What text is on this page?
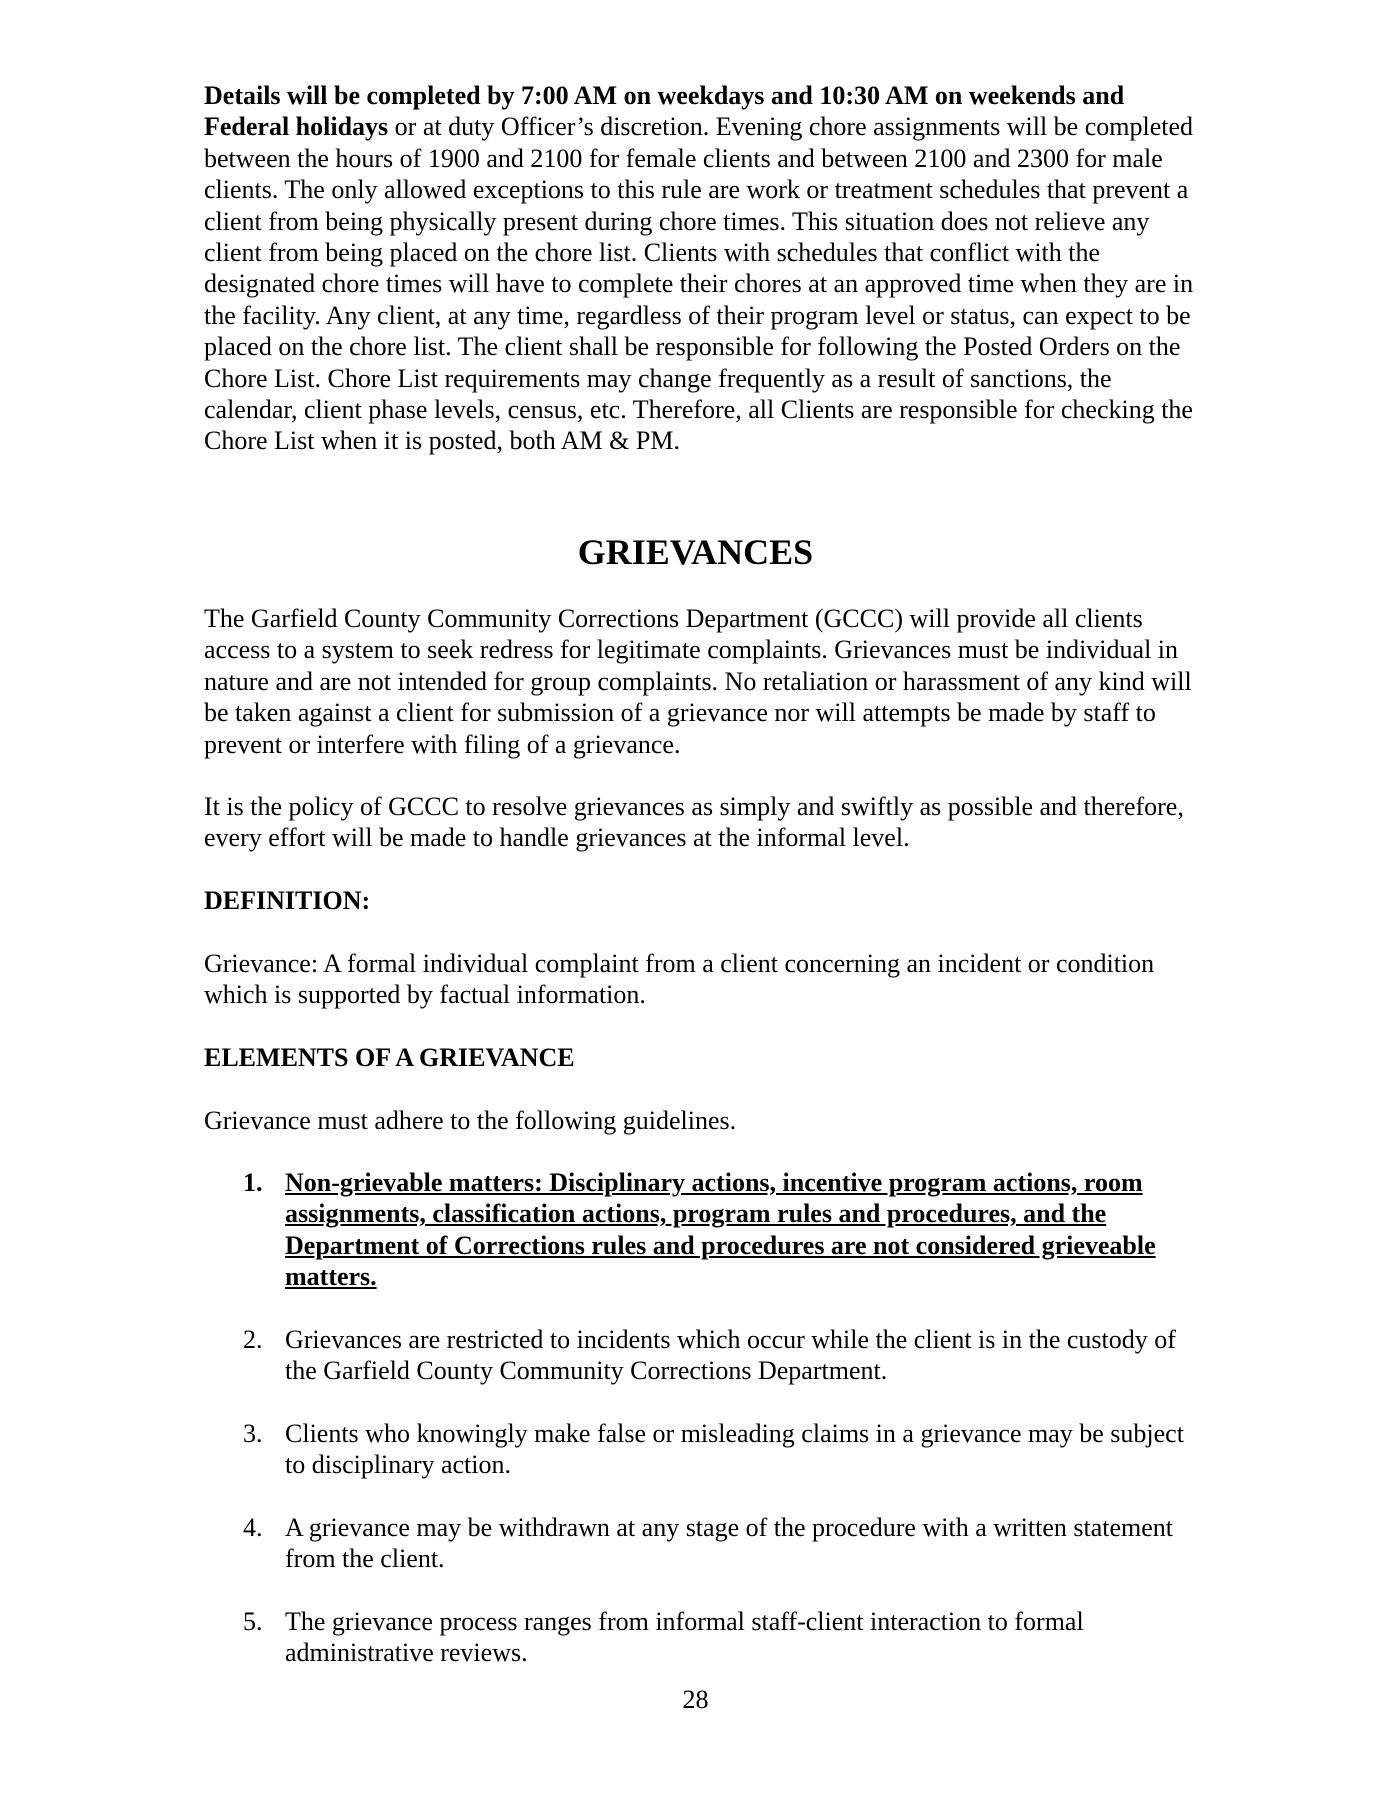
Details will be completed by 7:00 AM on weekdays and 10:30 AM on weekends and Federal holidays or at duty Officer’s discretion. Evening chore assignments will be completed between the hours of 1900 and 2100 for female clients and between 2100 and 2300 for male clients. The only allowed exceptions to this rule are work or treatment schedules that prevent a client from being physically present during chore times. This situation does not relieve any client from being placed on the chore list. Clients with schedules that conflict with the designated chore times will have to complete their chores at an approved time when they are in the facility. Any client, at any time, regardless of their program level or status, can expect to be placed on the chore list. The client shall be responsible for following the Posted Orders on the Chore List. Chore List requirements may change frequently as a result of sanctions, the calendar, client phase levels, census, etc. Therefore, all Clients are responsible for checking the Chore List when it is posted, both AM & PM.

GRIEVANCES

The Garfield County Community Corrections Department (GCCC) will provide all clients access to a system to seek redress for legitimate complaints. Grievances must be individual in nature and are not intended for group complaints. No retaliation or harassment of any kind will be taken against a client for submission of a grievance nor will attempts be made by staff to prevent or interfere with filing of a grievance.

It is the policy of GCCC to resolve grievances as simply and swiftly as possible and therefore, every effort will be made to handle grievances at the informal level.

DEFINITION:

Grievance: A formal individual complaint from a client concerning an incident or condition which is supported by factual information.

ELEMENTS OF A GRIEVANCE

Grievance must adhere to the following guidelines.

1. Non-grievable matters: Disciplinary actions, incentive program actions, room assignments, classification actions, program rules and procedures, and the Department of Corrections rules and procedures are not considered grieveable matters.
2. Grievances are restricted to incidents which occur while the client is in the custody of the Garfield County Community Corrections Department.
3. Clients who knowingly make false or misleading claims in a grievance may be subject to disciplinary action.
4. A grievance may be withdrawn at any stage of the procedure with a written statement from the client.
5. The grievance process ranges from informal staff-client interaction to formal administrative reviews.
28
